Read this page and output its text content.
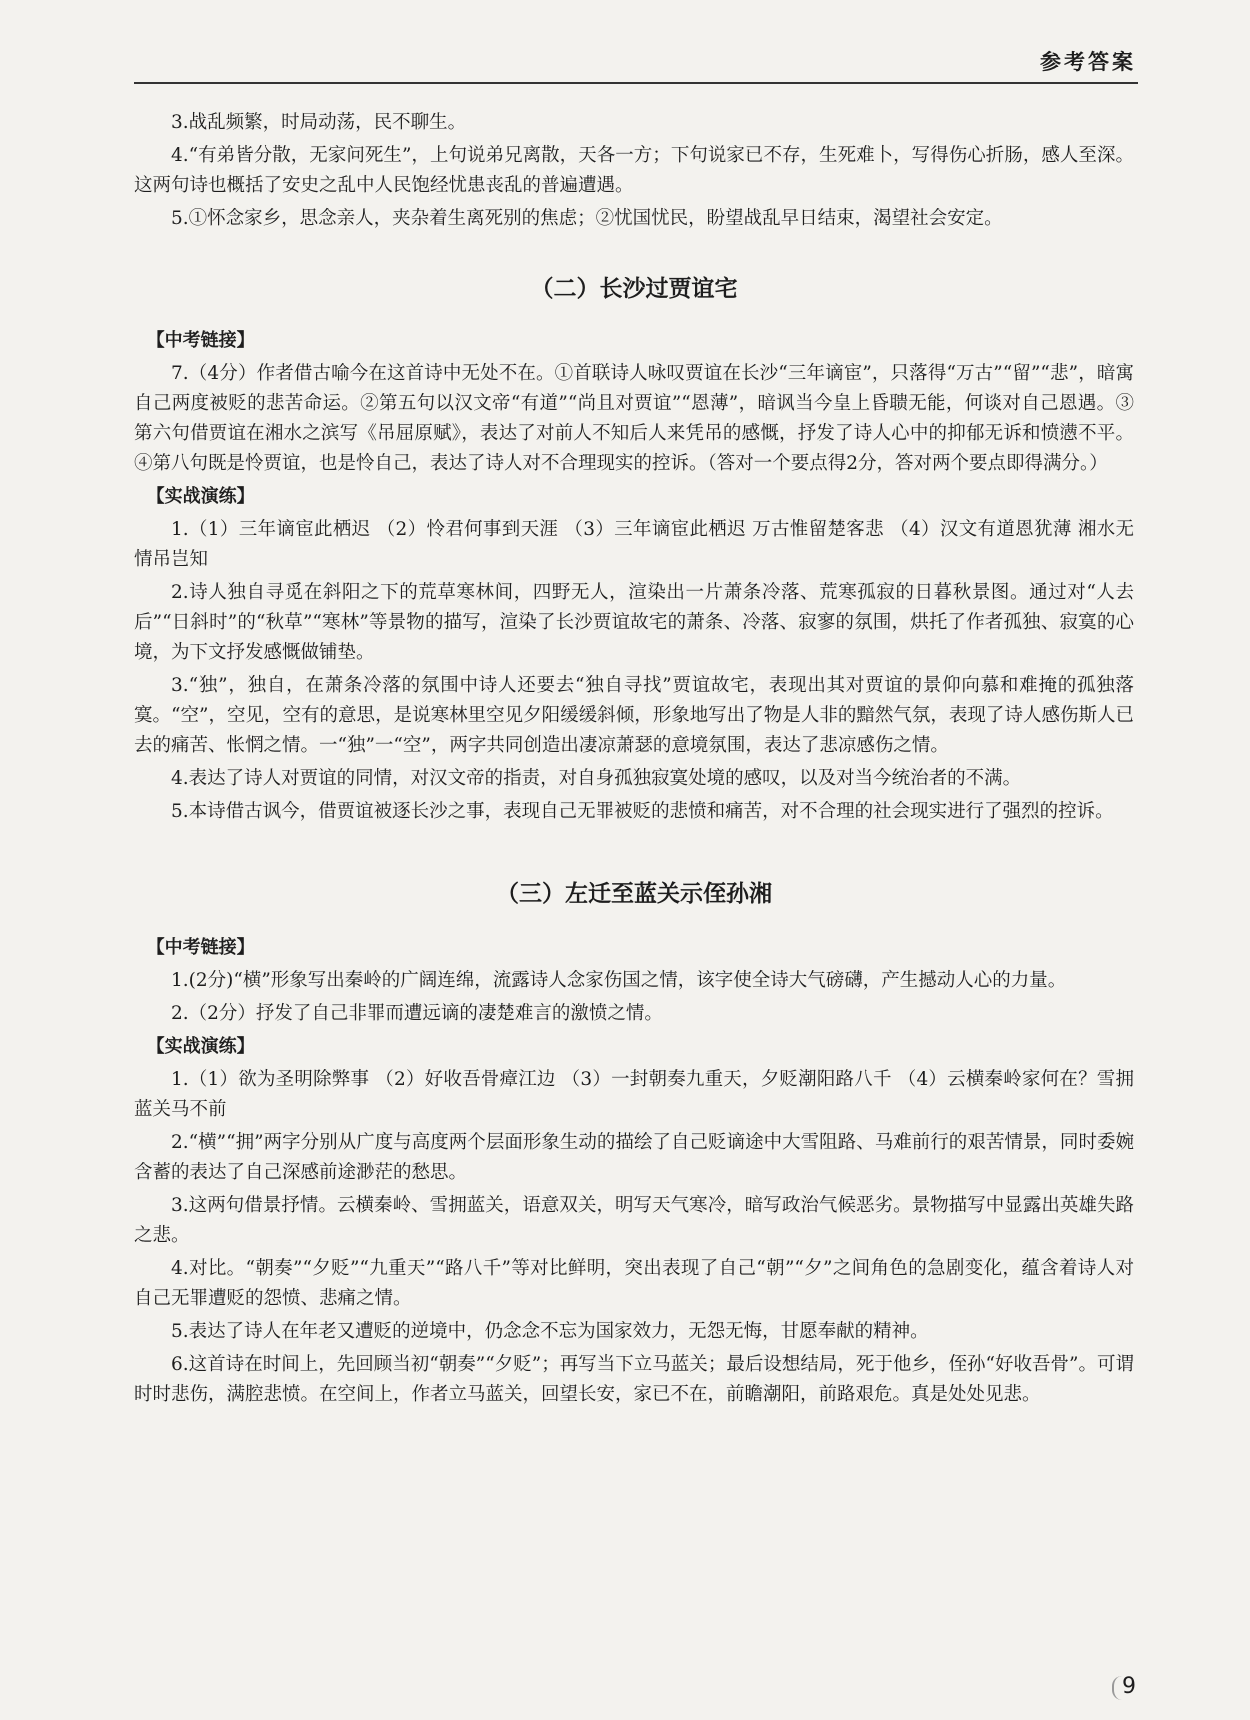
参考答案

3.战乱频繁，时局动荡，民不聊生。

4.“有弟皆分散，无家问死生”，上句说弟兄离散，天各一方；下句说家已不存，生死难卜，写得伤心折肠，感人至深。这两句诗也概括了安史之乱中人民饱经忧患丧乱的普遍遭遇。

5.①怀念家乡，思念亲人，夹杂着生离死别的焦虑；②忧国忧民，盼望战乱早日结束，渴望社会安定。

（二）长沙过贾谊宅
【中考链接】

7.（4分）作者借古喻今在这首诗中无处不在。①首联诗人咏叹贾谊在长沙“三年谪宦”，只落得“万古”“留”“悲”，暗寓自己两度被贬的悲苦命运。②第五句以汉文帝“有道”“尚且对贾谊”“恩薄”，暗讽当今皇上昏聩无能，何谈对自己恩遇。③第六句借贾谊在湘水之滨写《吊屈原赋》，表达了对前人不知后人来凭吊的感慨，抒发了诗人心中的抑郁无诉和愤懑不平。④第八句既是怜贾谊，也是怜自己，表达了诗人对不合理现实的控诉。（答对一个要点得2分，答对两个要点即得满分。）

【实战演练】

1.（1）三年谪宦此栖迟 （2）怜君何事到天涯 （3）三年谪宦此栖迟 万古惟留楚客悲 （4）汉文有道恩犹薄 湘水无情吊岂知

2.诗人独自寻觅在斜阳之下的荒草寒林间，四野无人，渲染出一片萧条冷落、荒寒孤寂的日暮秋景图。通过对“人去后”“日斜时”的“秋草”“寒林”等景物的描写，渲染了长沙贾谊故宅的萧条、冷落、寂寥的氛围，烘托了作者孤独、寂寞的心境，为下文抒发感慨做铺垫。

3.“独”，独自，在萧条冷落的氛围中诗人还要去“独自寻找”贾谊故宅，表现出其对贾谊的景仰向慕和难掩的孤独落寞。“空”，空见，空有的意思，是说寒林里空见夕阳缓缓斜倾，形象地写出了物是人非的黯然气氛，表现了诗人感伤斯人已去的痛苦、怅惘之情。一“独”一“空”，两字共同创造出凄凉萧瑟的意境氛围，表达了悲凉感伤之情。

4.表达了诗人对贾谊的同情，对汉文帝的指责，对自身孤独寂寞处境的感叹，以及对当今统治者的不满。

5.本诗借古讽今，借贾谊被逐长沙之事，表现自己无罪被贬的悲愤和痛苦，对不合理的社会现实进行了强烈的控诉。

（三）左迁至蓝关示侄孙湘
【中考链接】

1.(2分)“横”形象写出秦岭的广阔连绵，流露诗人念家伤国之情，该字使全诗大气磅礴，产生撼动人心的力量。

2.（2分）抒发了自己非罪而遭远谪的凄楚难言的激愤之情。

【实战演练】

1.（1）欲为圣明除弊事 （2）好收吾骨瘴江边 （3）一封朝奏九重天，夕贬潮阳路八千 （4）云横秦岭家何在？雪拥蓝关马不前

2.“横”“拥”两字分别从广度与高度两个层面形象生动的描绘了自己贬谪途中大雪阻路、马难前行的艰苦情景，同时委婉含蓄的表达了自己深感前途渺茫的愁思。

3.这两句借景抒情。云横秦岭、雪拥蓝关，语意双关，明写天气寒冷，暗写政治气候恶劣。景物描写中显露出英雄失路之悲。

4.对比。“朝奏”“夕贬”“九重天”“路八千”等对比鲜明，突出表现了自己“朝”“夕”之间角色的急剧变化，蕴含着诗人对自己无罪遭贬的怨愤、悲痛之情。

5.表达了诗人在年老又遭贬的逆境中，仍念念不忘为国家效力，无怨无悔，甘愿奉献的精神。

6.这首诗在时间上，先回顾当初“朝奏”“夕贬”；再写当下立马蓝关；最后设想结局，死于他乡，侄孙“好收吾骨”。可谓时时悲伤，满腔悲愤。在空间上，作者立马蓝关，回望长安，家已不在，前瞻潮阳，前路艰危。真是处处见悲。

9
